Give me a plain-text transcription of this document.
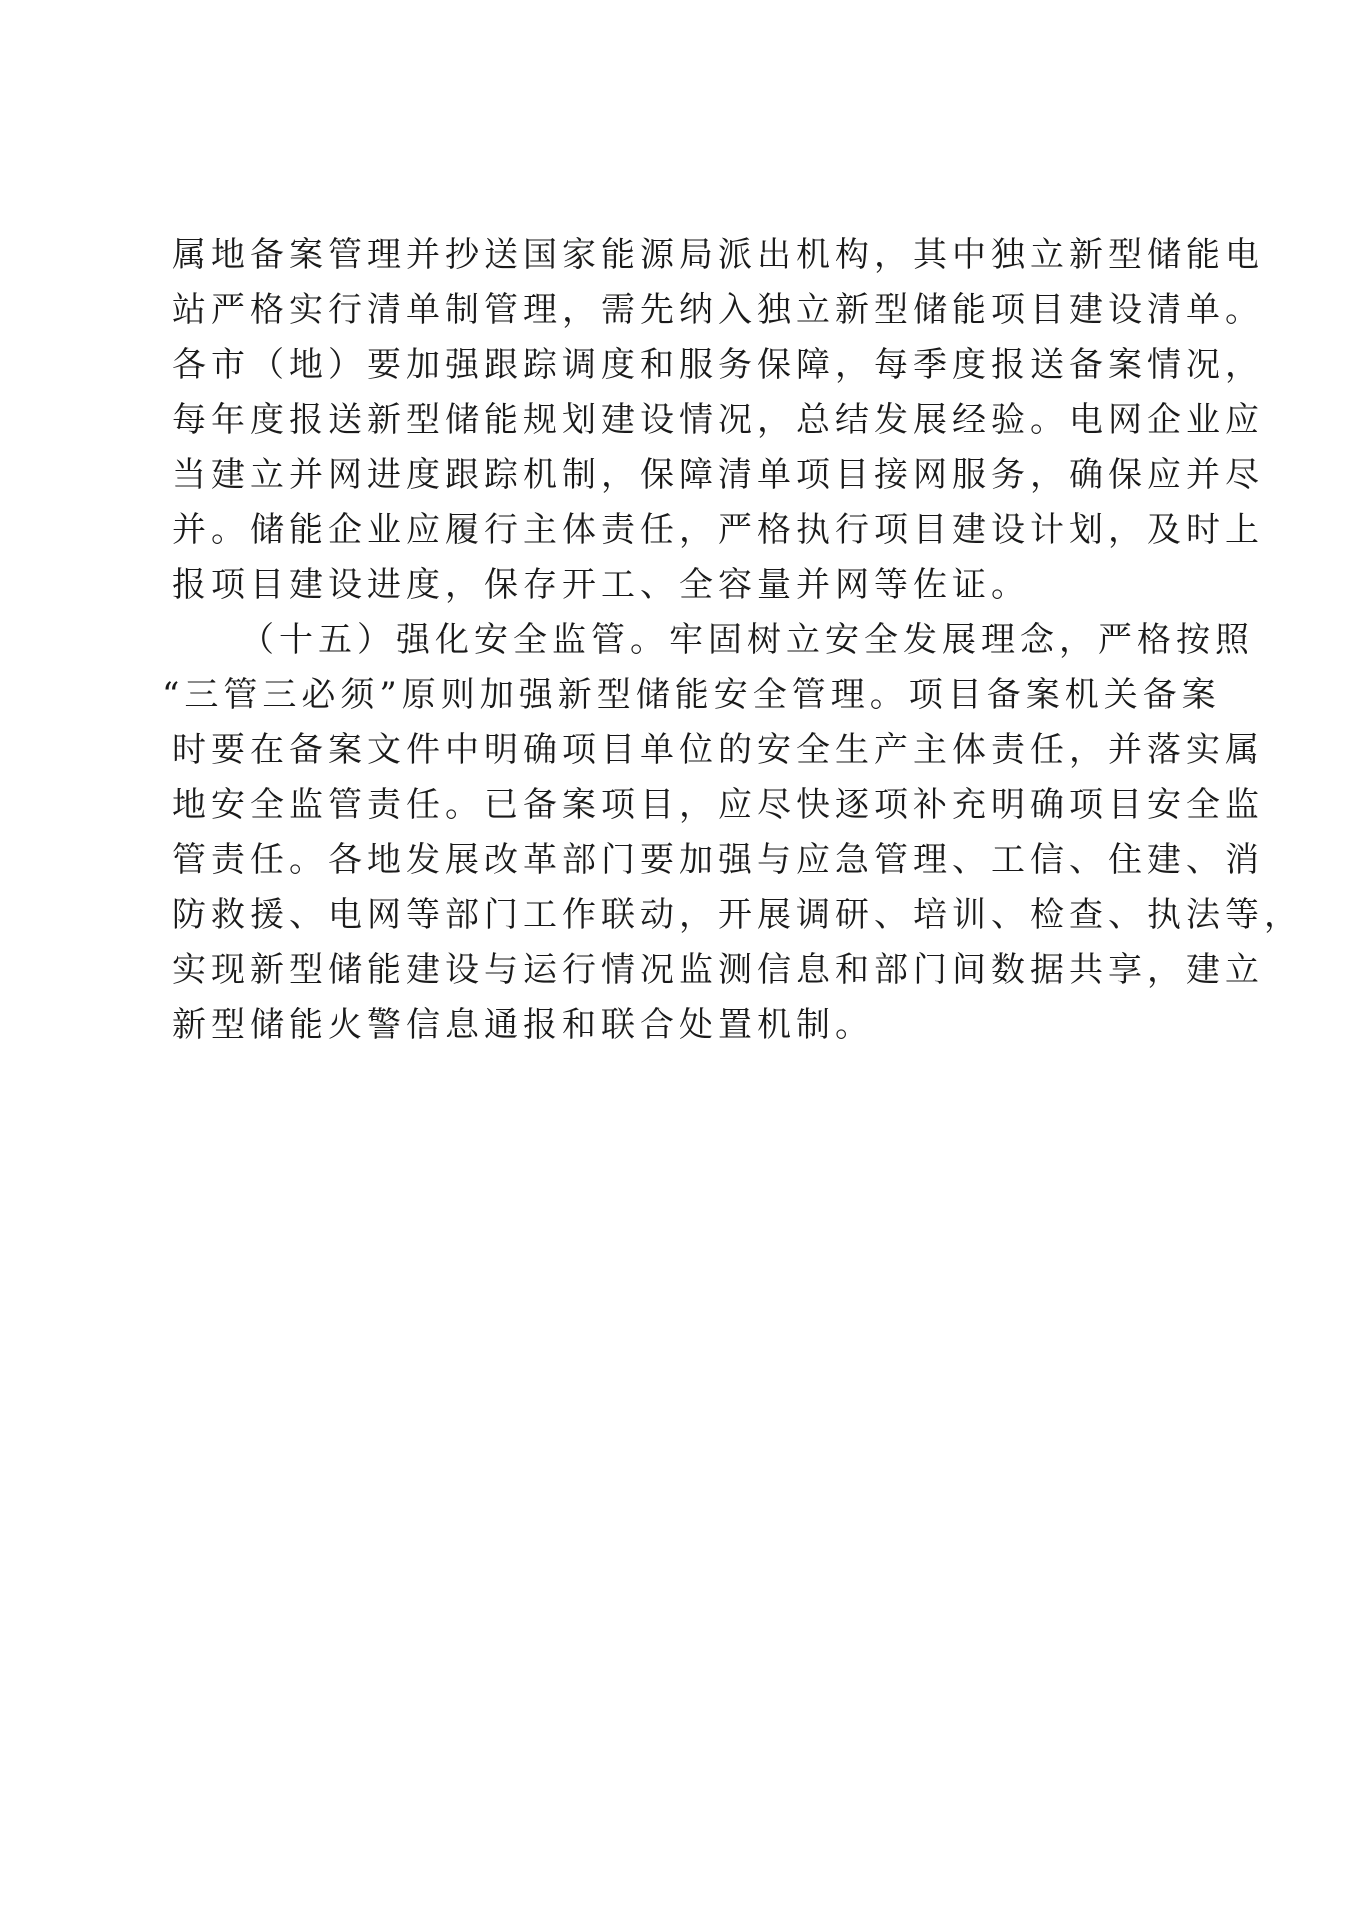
属地备案管理并抄送国家能源局派出机构，其中独立新型储能电
站严格实行清单制管理，需先纳入独立新型储能项目建设清单。
各市（地）要加强跟踪调度和服务保障，每季度报送备案情况，
每年度报送新型储能规划建设情况，总结发展经验。电网企业应
当建立并网进度跟踪机制，保障清单项目接网服务，确保应并尽
并。储能企业应履行主体责任，严格执行项目建设计划，及时上
报项目建设进度，保存开工、全容量并网等佐证。
（十五）强化安全监管。牢固树立安全发展理念，严格按照
“三管三必须”原则加强新型储能安全管理。项目备案机关备案
时要在备案文件中明确项目单位的安全生产主体责任，并落实属
地安全监管责任。已备案项目，应尽快逐项补充明确项目安全监
管责任。各地发展改革部门要加强与应急管理、工信、住建、消
防救援、电网等部门工作联动，开展调研、培训、检查、执法等，
实现新型储能建设与运行情况监测信息和部门间数据共享，建立
新型储能火警信息通报和联合处置机制。
